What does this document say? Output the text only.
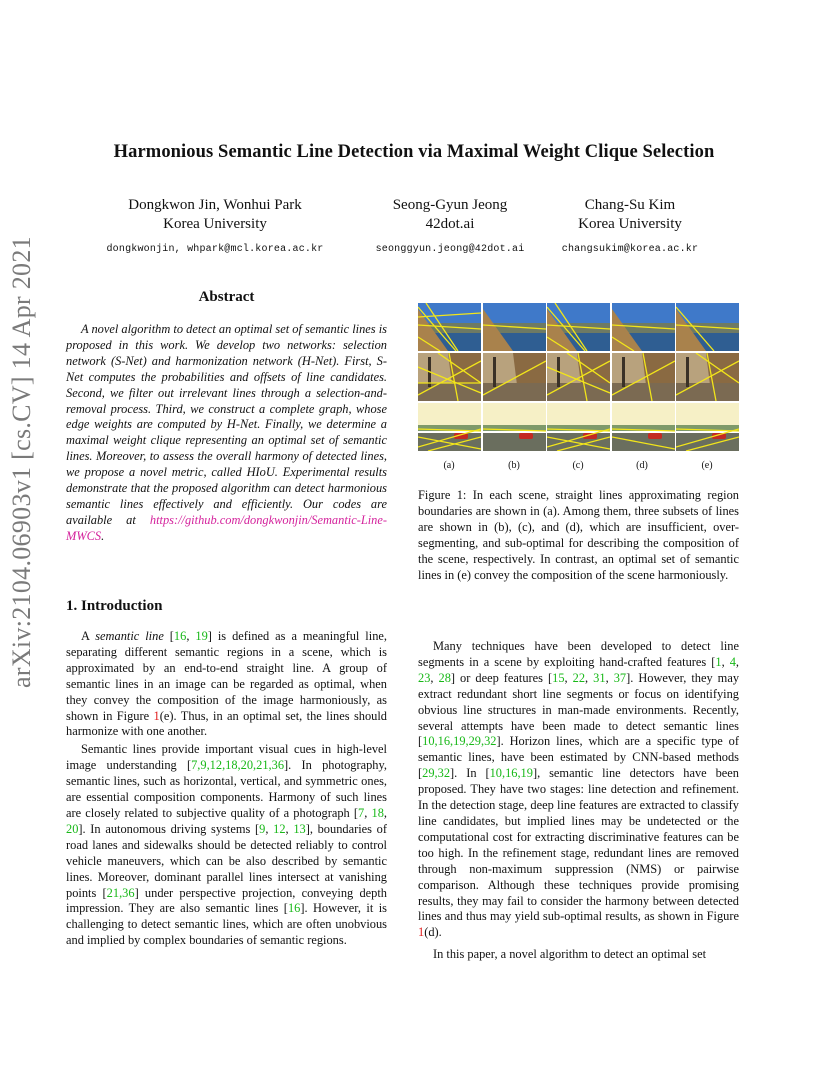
Harmonious Semantic Line Detection via Maximal Weight Clique Selection
Dongkwon Jin, Wonhui Park
Korea University
dongkwonjin, whpark@mcl.korea.ac.kr
Seong-Gyun Jeong
42dot.ai
seonggyun.jeong@42dot.ai
Chang-Su Kim
Korea University
changsukim@korea.ac.kr
arXiv:2104.06903v1 [cs.CV] 14 Apr 2021	Abstract

A novel algorithm to detect an optimal set of semantic lines is proposed in this work. We develop two networks: selection network (S-Net) and harmonization network (H-Net). First, S-Net computes the probabilities and offsets of line candidates. Second, we filter out irrelevant lines through a selection-and-removal process. Third, we construct a complete graph, whose edge weights are computed by H-Net. Finally, we determine a maximal weight clique representing an optimal set of semantic lines. Moreover, to assess the overall harmony of detected lines, we propose a novel metric, called HIoU. Experimental results demonstrate that the proposed algorithm can detect harmonious semantic lines effectively and efficiently. Our codes are available at https://github.com/dongkwonjin/Semantic-Line-MWCS.

1. Introduction

A semantic line [16, 19] is defined as a meaningful line, separating different semantic regions in a scene, which is approximated by an end-to-end straight line. A group of semantic lines in an image can be regarded as optimal, when they convey the composition of the image harmoniously, as shown in Figure 1(e). Thus, in an optimal set, the lines should harmonize with one another.

Semantic lines provide important visual cues in high-level image understanding [7,9,12,18,20,21,36]. In photography, semantic lines, such as horizontal, vertical, and symmetric ones, are essential composition components. Harmony of such lines are closely related to subjective quality of a photograph [7, 18, 20]. In autonomous driving systems [9, 12, 13], boundaries of road lanes and sidewalks should be detected reliably to control vehicle maneuvers, which can be also described by semantic lines. Moreover, dominant parallel lines intersect at vanishing points [21,36] under perspective projection, conveying depth impression. They are also semantic lines [16]. However, it is challenging to detect semantic lines, which are often unobvious and implied by complex boundaries of semantic regions.

(a)	(b)	(c)	(d)	(e)
Figure 1: In each scene, straight lines approximating region boundaries are shown in (a). Among them, three subsets of lines are shown in (b), (c), and (d), which are insufficient, over-segmenting, and sub-optimal for describing the composition of the scene, respectively. In contrast, an optimal set of semantic lines in (e) convey the composition of the scene harmoniously.

Many techniques have been developed to detect line segments in a scene by exploiting hand-crafted features [1, 4, 23, 28] or deep features [15, 22, 31, 37]. However, they may extract redundant short line segments or focus on identifying obvious line structures in man-made environments. Recently, several attempts have been made to detect semantic lines [10,16,19,29,32]. Horizon lines, which are a specific type of semantic lines, have been estimated by CNN-based methods [29,32]. In [10,16,19], semantic line detectors have been proposed. They have two stages: line detection and refinement. In the detection stage, deep line features are extracted to classify line candidates, but implied lines may be undetected or the computational cost for extracting discriminative features can be too high. In the refinement stage, redundant lines are removed through non-maximum suppression (NMS) or pairwise comparison. Although these techniques provide promising results, they may fail to consider the harmony between detected lines and thus may yield sub-optimal results, as shown in Figure 1(d).

In this paper, a novel algorithm to detect an optimal set
